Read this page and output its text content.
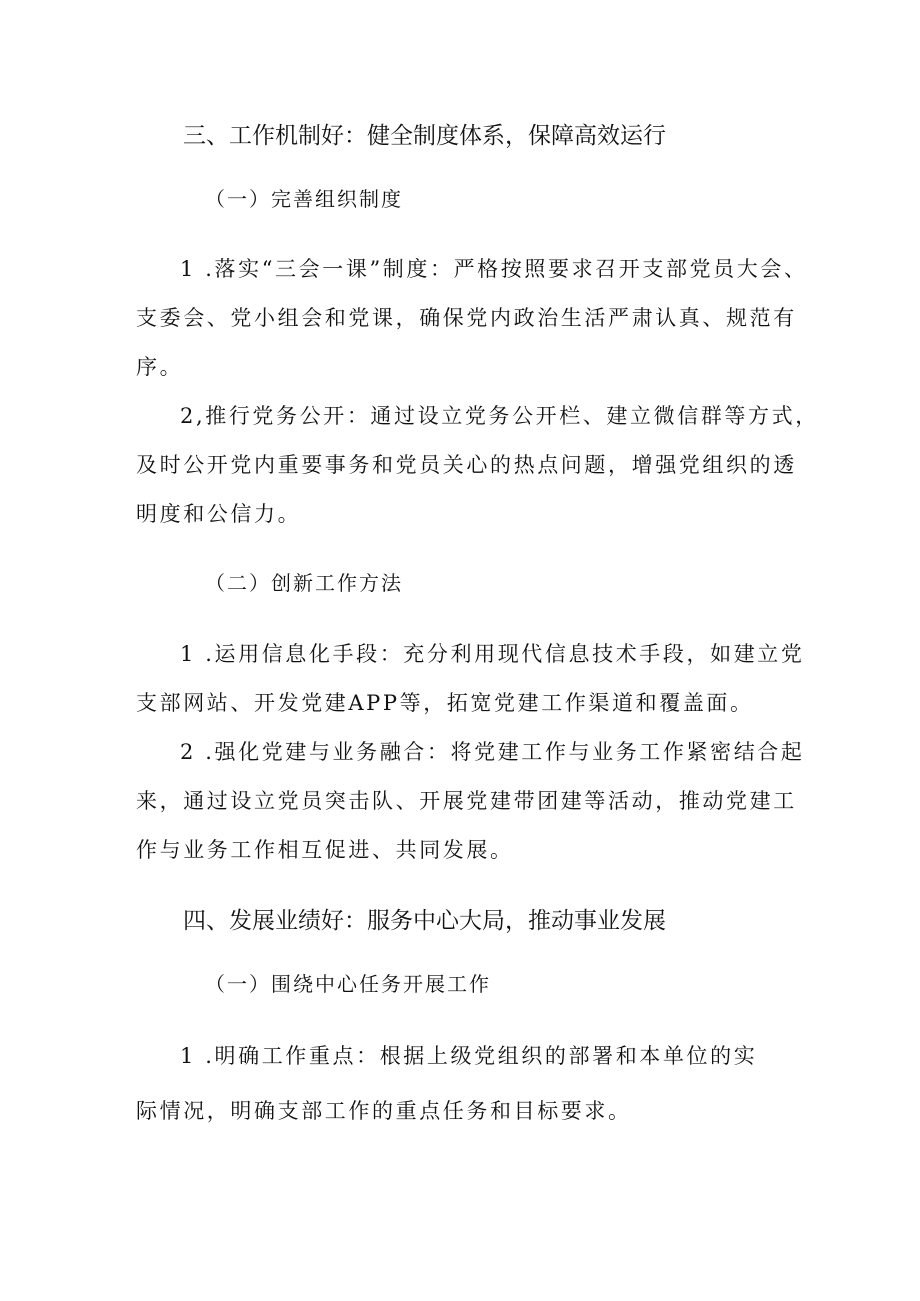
三、工作机制好：健全制度体系，保障高效运行
（一）完善组织制度
1 .落实“三会一课”制度：严格按照要求召开支部党员大会、
支委会、党小组会和党课，确保党内政治生活严肃认真、规范有
序。
2,推行党务公开：通过设立党务公开栏、建立微信群等方式，
及时公开党内重要事务和党员关心的热点问题，增强党组织的透
明度和公信力。
（二）创新工作方法
1 .运用信息化手段：充分利用现代信息技术手段，如建立党
支部网站、开发党建APP等，拓宽党建工作渠道和覆盖面。
2 .强化党建与业务融合：将党建工作与业务工作紧密结合起
来，通过设立党员突击队、开展党建带团建等活动，推动党建工
作与业务工作相互促进、共同发展。
四、发展业绩好：服务中心大局，推动事业发展
（一）围绕中心任务开展工作
1 .明确工作重点：根据上级党组织的部署和本单位的实
际情况，明确支部工作的重点任务和目标要求。
